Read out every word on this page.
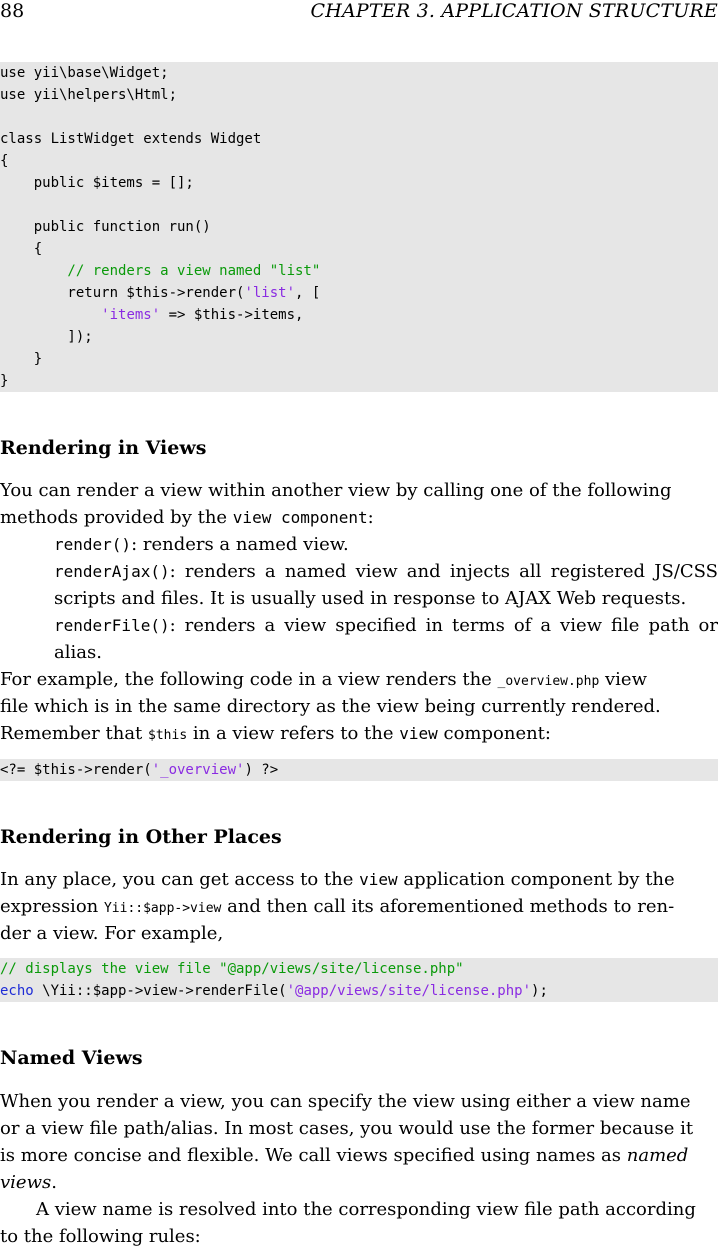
88	CHAPTER 3. APPLICATION STRUCTURE
use yii\base\Widget;
use yii\helpers\Html;
class ListWidget extends Widget
{
public $items = [];
public function run()
{
// renders a view named "list"
return $this->render('list', [
'items' => $this->items,
]);
}
}
Rendering in Views
You can render a view within another view by calling one of the following
methods provided by the view component:
render(): renders a named view.
renderAjax(): renders a named view and injects all registered JS/CSS scripts and files. It is usually used in response to AJAX Web requests.
renderFile(): renders a view specified in terms of a view file path or alias.
For example, the following code in a view renders the _overview.php view
file which is in the same directory as the view being currently rendered.
Remember that $this in a view refers to the view component:
<?= $this->render('_overview') ?>
Rendering in Other Places
In any place, you can get access to the view application component by the
expression Yii::$app->view and then call its aforementioned methods to ren-
der a view. For example,
// displays the view file "@app/views/site/license.php"
echo \Yii::$app->view->renderFile('@app/views/site/license.php');
Named Views
When you render a view, you can specify the view using either a view name
or a view file path/alias. In most cases, you would use the former because it
is more concise and flexible. We call views specified using names as named
views.
A view name is resolved into the corresponding view file path according
to the following rules:
